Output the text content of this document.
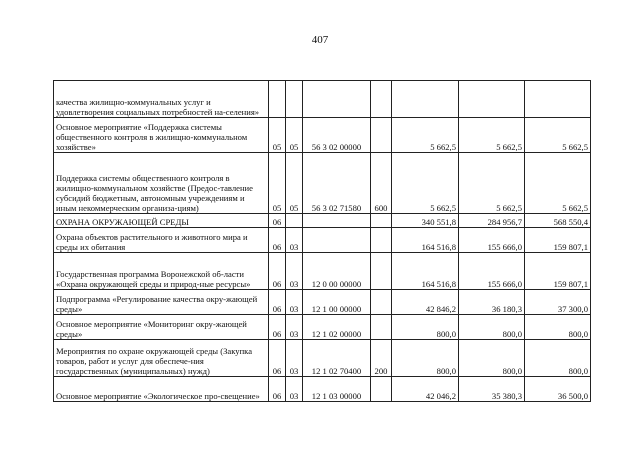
407
качества жилищно-коммунальных услуг и удовлетворения социальных потребностей на-селения»							
Основное мероприятие «Поддержка системы общественного контроля в жилищно-коммунальном хозяйстве»	05	05	56 3 02 00000		5 662,5	5 662,5	5 662,5
Поддержка системы общественного контроля в жилищно-коммунальном хозяйстве (Предос-тавление субсидий бюджетным, автономным учреждениям и иным некоммерческим организа-циям)	05	05	56 3 02 71580	600	5 662,5	5 662,5	5 662,5
ОХРАНА ОКРУЖАЮЩЕЙ СРЕДЫ	06				340 551,8	284 956,7	568 550,4
Охрана объектов растительного и животного мира и среды их обитания	06	03			164 516,8	155 666,0	159 807,1
Государственная программа Воронежской об-ласти «Охрана окружающей среды и природ-ные ресурсы»	06	03	12 0 00 00000		164 516,8	155 666,0	159 807,1
Подпрограмма «Регулирование качества окру-жающей среды»	06	03	12 1 00 00000		42 846,2	36 180,3	37 300,0
Основное мероприятие «Мониторинг окру-жающей среды»	06	03	12 1 02 00000		800,0	800,0	800,0
Мероприятия по охране окружающей среды (Закупка товаров, работ и услуг для обеспече-ния государственных (муниципальных) нужд)	06	03	12 1 02 70400	200	800,0	800,0	800,0
Основное мероприятие «Экологическое про-свещение»	06	03	12 1 03 00000		42 046,2	35 380,3	36 500,0
